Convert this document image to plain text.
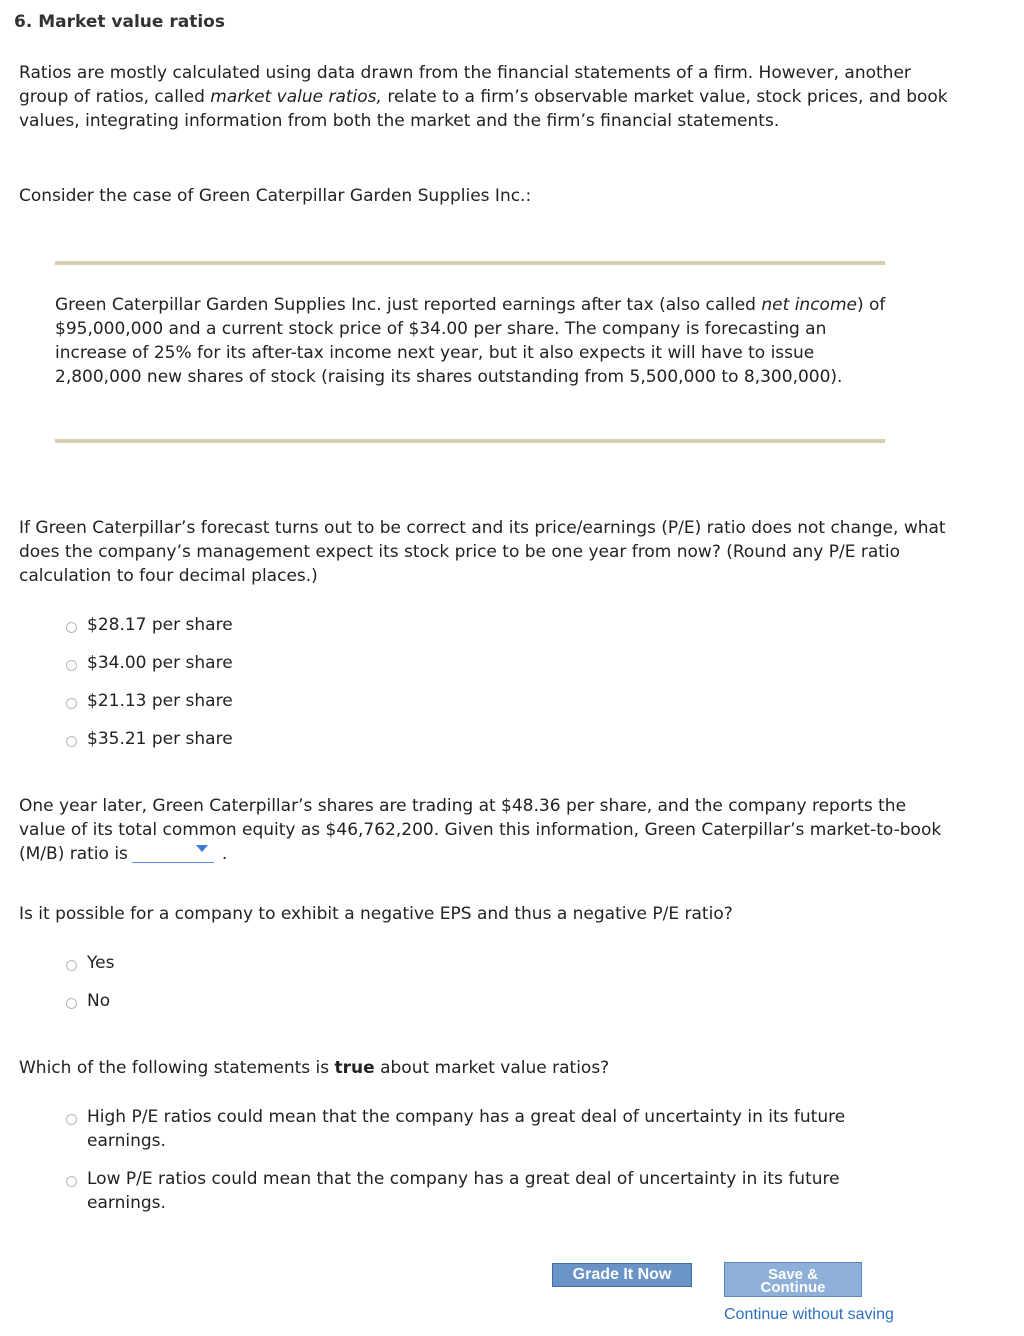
6. Market value ratios
Ratios are mostly calculated using data drawn from the financial statements of a firm. However, another group of ratios, called market value ratios, relate to a firm’s observable market value, stock prices, and book values, integrating information from both the market and the firm’s financial statements.
Consider the case of Green Caterpillar Garden Supplies Inc.:
Green Caterpillar Garden Supplies Inc. just reported earnings after tax (also called net income) of $95,000,000 and a current stock price of $34.00 per share. The company is forecasting an increase of 25% for its after-tax income next year, but it also expects it will have to issue 2,800,000 new shares of stock (raising its shares outstanding from 5,500,000 to 8,300,000).
If Green Caterpillar’s forecast turns out to be correct and its price/earnings (P/E) ratio does not change, what does the company’s management expect its stock price to be one year from now? (Round any P/E ratio calculation to four decimal places.)
$28.17 per share
$34.00 per share
$21.13 per share
$35.21 per share
One year later, Green Caterpillar’s shares are trading at $48.36 per share, and the company reports the value of its total common equity as $46,762,200. Given this information, Green Caterpillar’s market-to-book (M/B) ratio is	.
Is it possible for a company to exhibit a negative EPS and thus a negative P/E ratio?
Yes
No
Which of the following statements is true about market value ratios?
High P/E ratios could mean that the company has a great deal of uncertainty in its future earnings.
Low P/E ratios could mean that the company has a great deal of uncertainty in its future earnings.
Grade It Now	Save &
Continue
Continue without saving
